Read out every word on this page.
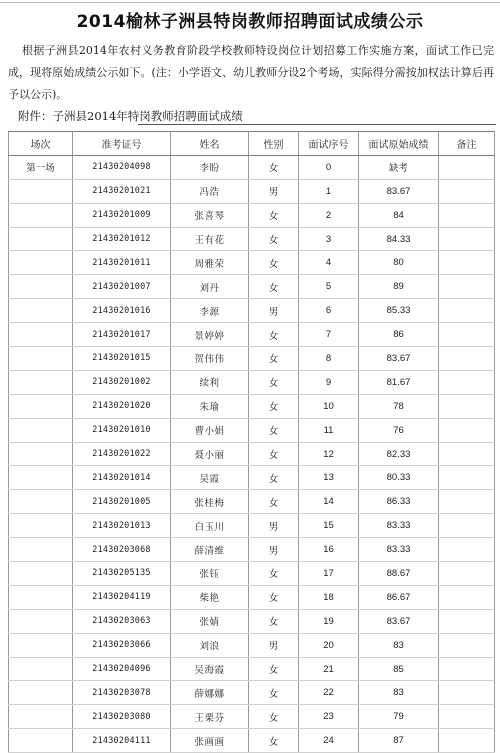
2014榆林子洲县特岗教师招聘面试成绩公示
根据子洲县2014年农村义务教育阶段学校教师特设岗位计划招募工作实施方案，面试工作已完成，现将原始成绩公示如下。(注：小学语文、幼儿教师分设2个考场，实际得分需按加权法计算后再予以公示)。
附件：子洲县2014年特岗教师招聘面试成绩
场次	准考证号	姓名	性别	面试序号	面试原始成绩	备注
第一场	21430204098	李盼	女	0	缺考	
	21430201021	冯浩	男	1	83.67	
	21430201009	张喜琴	女	2	84	
	21430201012	王有花	女	3	84.33	
	21430201011	周雅荣	女	4	80	
	21430201007	刘丹	女	5	89	
	21430201016	李源	男	6	85.33	
	21430201017	景婷婷	女	7	86	
	21430201015	贺伟伟	女	8	83.67	
	21430201002	续利	女	9	81.67	
	21430201020	朱瑜	女	10	78	
	21430201010	曹小娟	女	11	76	
	21430201022	聂小丽	女	12	82.33	
	21430201014	吴霞	女	13	80.33	
	21430201005	张桂梅	女	14	86.33	
	21430201013	白玉川	男	15	83.33	
	21430203068	薛清维	男	16	83.33	
	21430205135	张钰	女	17	88.67	
	21430204119	柴艳	女	18	86.67	
	21430203063	张婧	女	19	83.67	
	21430203066	刘浪	男	20	83	
	21430204096	吴海霞	女	21	85	
	21430203078	薛娜娜	女	22	83	
	21430203080	王栗芬	女	23	79	
	21430204111	张画画	女	24	87	
